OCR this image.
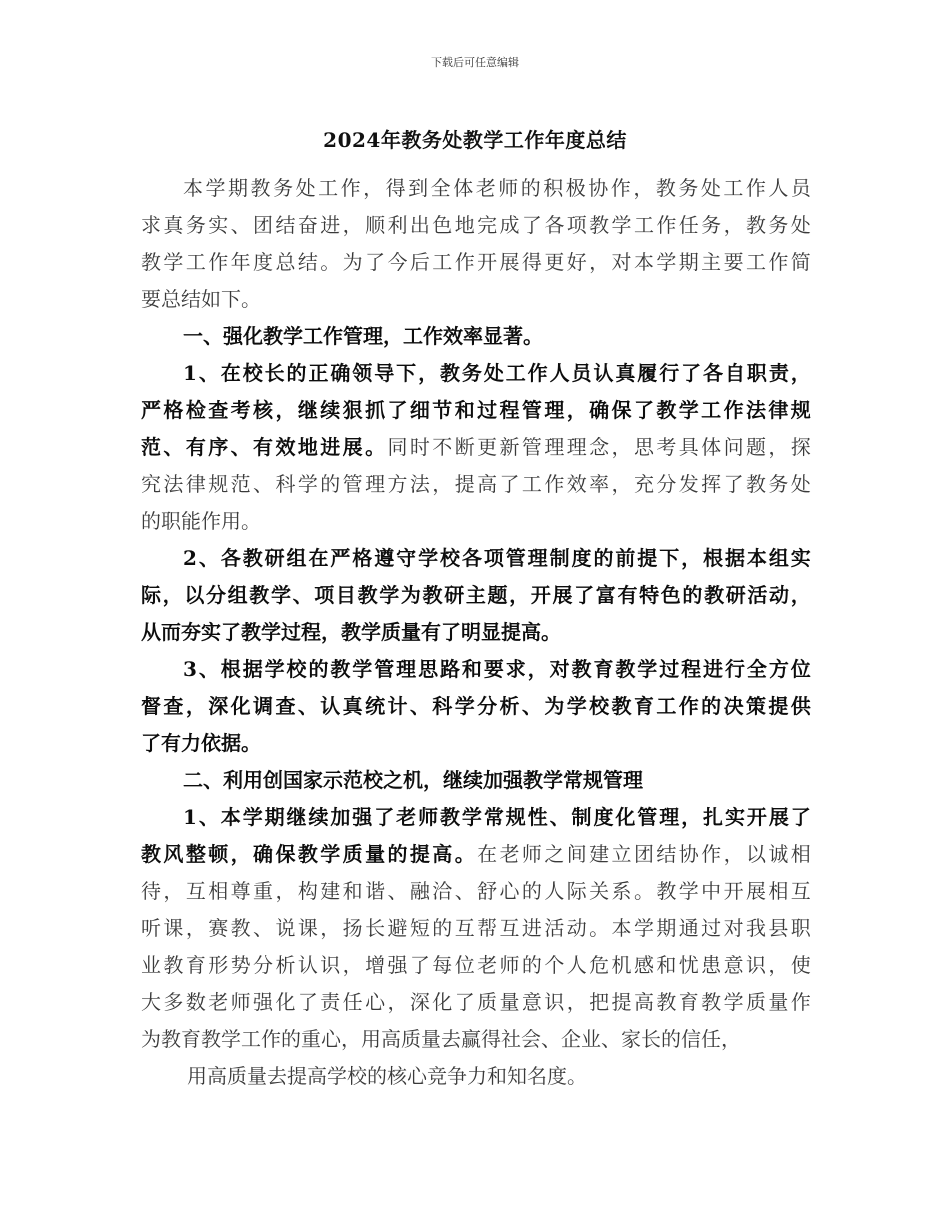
下载后可任意编辑
2024年教务处教学工作年度总结
本 学 期 教 务 处 工 作 ， 得 到 全 体 老 师 的 积 极 协 作 ， 教 务 处 工 作 人 员
求 真 务 实 、 团 结 奋 进 ， 顺 利 出 色 地 完 成 了 各 项 教 学 工 作 任 务 ， 教 务 处
教 学 工 作 年 度 总 结 。 为 了 今 后 工 作 开 展 得 更 好 ， 对 本 学 期 主 要 工 作 简
要 总 结 如 下 。
一 、 强 化 教 学 工 作 管 理 ， 工 作 效 率 显 著 。
1 、 在 校 长 的 正 确 领 导 下 ， 教 务 处 工 作 人 员 认 真 履 行 了 各 自 职 责 ，
严 格 检 查 考 核 ， 继 续 狠 抓 了 细 节 和 过 程 管 理 ， 确 保 了 教 学 工 作 法 律 规
范 、 有 序 、 有 效 地 进 展 。 同 时 不 断 更 新 管 理 理 念 ， 思 考 具 体 问 题 ， 探
究 法 律 规 范 、 科 学 的 管 理 方 法 ， 提 高 了 工 作 效 率 ， 充 分 发 挥 了 教 务 处
的 职 能 作 用 。
2 、 各 教 研 组 在 严 格 遵 守 学 校 各 项 管 理 制 度 的 前 提 下 ， 根 据 本 组 实
际 ， 以 分 组 教 学 、 项 目 教 学 为 教 研 主 题 ， 开 展 了 富 有 特 色 的 教 研 活 动 ，
从 而 夯 实 了 教 学 过 程 ， 教 学 质 量 有 了 明 显 提 高 。
3 、 根 据 学 校 的 教 学 管 理 思 路 和 要 求 ， 对 教 育 教 学 过 程 进 行 全 方 位
督 查 ， 深 化 调 查 、 认 真 统 计 、 科 学 分 析 、 为 学 校 教 育 工 作 的 决 策 提 供
了 有 力 依 据 。
二 、 利 用 创 国 家 示 范 校 之 机 ， 继 续 加 强 教 学 常 规 管 理
1 、 本 学 期 继 续 加 强 了 老 师 教 学 常 规 性 、 制 度 化 管 理 ， 扎 实 开 展 了
教 风 整 顿 ， 确 保 教 学 质 量 的 提 高 。 在 老 师 之 间 建 立 团 结 协 作 ， 以 诚 相
待 ， 互 相 尊 重 ， 构 建 和 谐 、 融 洽 、 舒 心 的 人 际 关 系 。 教 学 中 开 展 相 互
听 课 ， 赛 教 、 说 课 ， 扬 长 避 短 的 互 帮 互 进 活 动 。 本 学 期 通 过 对 我 县 职
业 教 育 形 势 分 析 认 识 ， 增 强 了 每 位 老 师 的 个 人 危 机 感 和 忧 患 意 识 ， 使
大 多 数 老 师 强 化 了 责 任 心 ， 深 化 了 质 量 意 识 ， 把 提 高 教 育 教 学 质 量 作
为 教 育 教 学 工 作 的 重 心 ， 用 高 质 量 去 赢 得 社 会 、 企 业 、 家 长 的 信 任 ，
用高质量去提高学校的核心竞争力和知名度。
